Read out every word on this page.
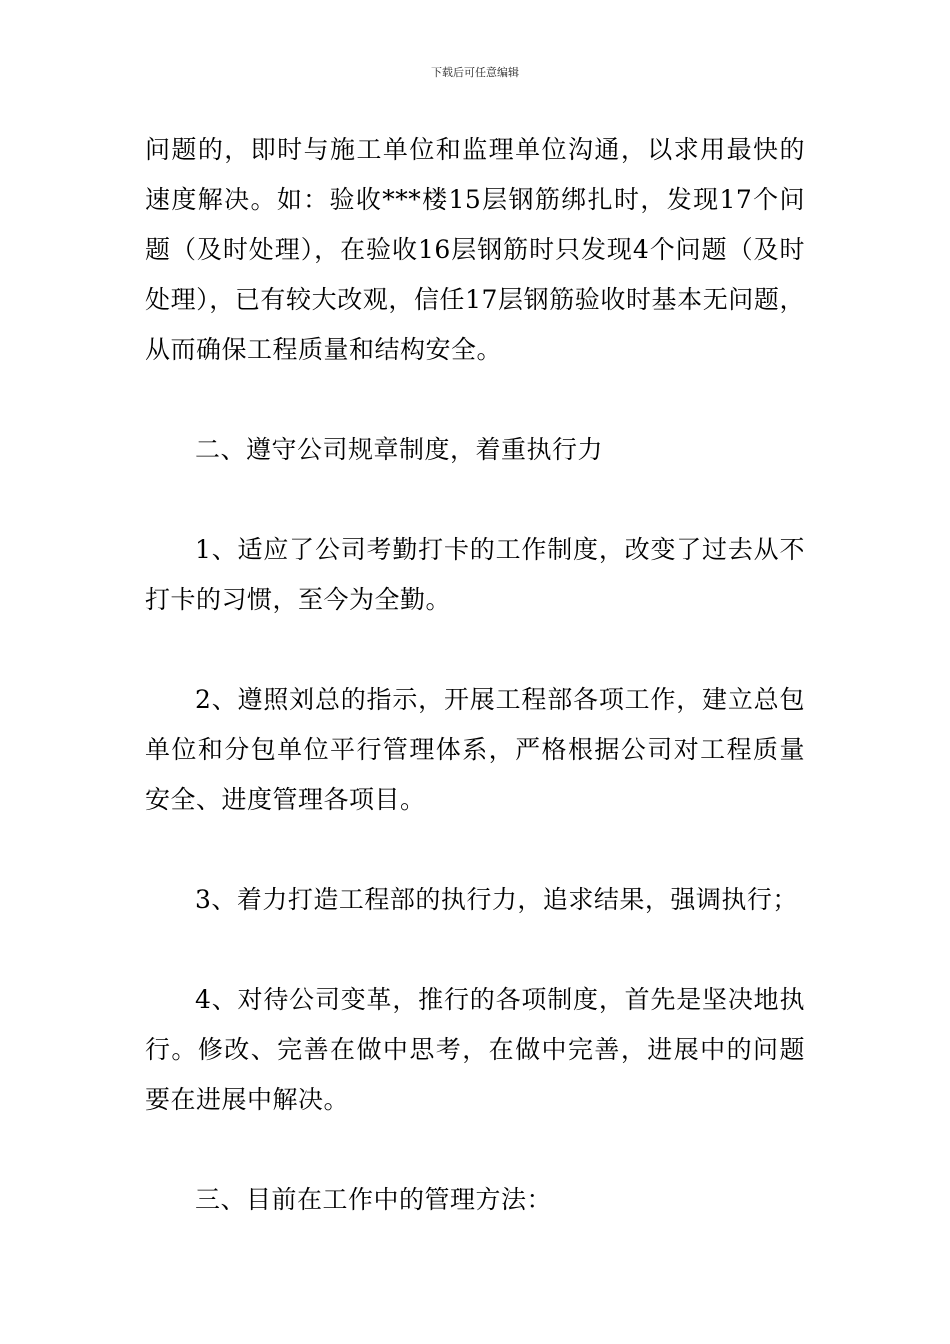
下载后可任意编辑

问题的，即时与施工单位和监理单位沟通，以求用最快的速度解决。如：验收***楼15层钢筋绑扎时，发现17个问题（及时处理），在验收16层钢筋时只发现4个问题（及时处理），已有较大改观，信任17层钢筋验收时基本无问题，从而确保工程质量和结构安全。

二、遵守公司规章制度，着重执行力

1、适应了公司考勤打卡的工作制度，改变了过去从不打卡的习惯，至今为全勤。

2、遵照刘总的指示，开展工程部各项工作，建立总包单位和分包单位平行管理体系，严格根据公司对工程质量安全、进度管理各项目。

3、着力打造工程部的执行力，追求结果，强调执行；

4、对待公司变革，推行的各项制度，首先是坚决地执行。修改、完善在做中思考，在做中完善，进展中的问题要在进展中解决。

三、目前在工作中的管理方法：
